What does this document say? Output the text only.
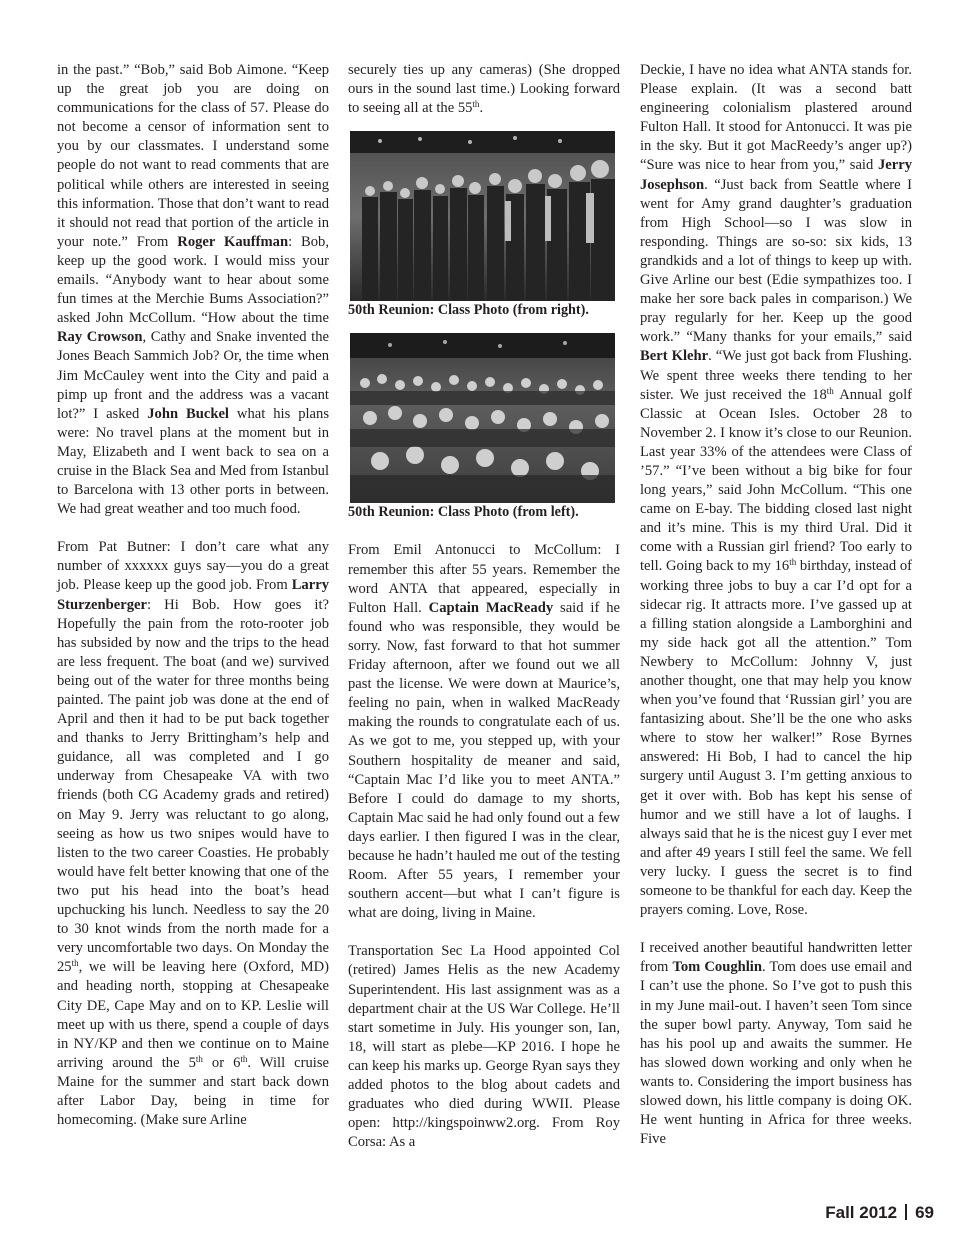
in the past.” “Bob,” said Bob Aimone. “Keep up the great job you are doing on communications for the class of 57. Please do not become a censor of information sent to you by our classmates. I understand some people do not want to read comments that are political while others are interested in seeing this information. Those that don’t want to read it should not read that portion of the article in your note.” From Roger Kauffman: Bob, keep up the good work. I would miss your emails. “Anybody want to hear about some fun times at the Merchie Bums Association?” asked John McCollum. “How about the time Ray Crowson, Cathy and Snake invented the Jones Beach Sammich Job? Or, the time when Jim McCauley went into the City and paid a pimp up front and the address was a vacant lot?” I asked John Buckel what his plans were: No travel plans at the moment but in May, Elizabeth and I went back to sea on a cruise in the Black Sea and Med from Istanbul to Barcelona with 13 other ports in between. We had great weather and too much food.

From Pat Butner: I don’t care what any number of xxxxxx guys say—you do a great job. Please keep up the good job. From Larry Sturzenberger: Hi Bob. How goes it? Hopefully the pain from the roto-rooter job has subsided by now and the trips to the head are less frequent. The boat (and we) survived being out of the water for three months being painted. The paint job was done at the end of April and then it had to be put back together and thanks to Jerry Brittingham’s help and guidance, all was completed and I go underway from Chesapeake VA with two friends (both CG Academy grads and retired) on May 9. Jerry was reluctant to go along, seeing as how us two snipes would have to listen to the two career Coasties. He probably would have felt better knowing that one of the two put his head into the boat’s head upchucking his lunch. Needless to say the 20 to 30 knot winds from the north made for a very uncomfortable two days. On Monday the 25th, we will be leaving here (Oxford, MD) and heading north, stopping at Chesapeake City DE, Cape May and on to KP. Leslie will meet up with us there, spend a couple of days in NY/KP and then we continue on to Maine arriving around the 5th or 6th. Will cruise Maine for the summer and start back down after Labor Day, being in time for homecoming. (Make sure Arline

securely ties up any cameras) (She dropped ours in the sound last time.) Looking forward to seeing all at the 55th.

50th Reunion: Class Photo (from right).

50th Reunion: Class Photo (from left).

From Emil Antonucci to McCollum: I remember this after 55 years. Remember the word ANTA that appeared, especially in Fulton Hall. Captain MacReady said if he found who was responsible, they would be sorry. Now, fast forward to that hot summer Friday afternoon, after we found out we all past the license. We were down at Maurice’s, feeling no pain, when in walked MacReady making the rounds to congratulate each of us. As we got to me, you stepped up, with your Southern hospitality de meaner and said, “Captain Mac I’d like you to meet ANTA.” Before I could do damage to my shorts, Captain Mac said he had only found out a few days earlier. I then figured I was in the clear, because he hadn’t hauled me out of the testing Room. After 55 years, I remember your southern accent—but what I can’t figure is what are doing, living in Maine.

Transportation Sec La Hood appointed Col (retired) James Helis as the new Academy Superintendent. His last assignment was as a department chair at the US War College. He’ll start sometime in July. His younger son, Ian, 18, will start as plebe—KP 2016. I hope he can keep his marks up. George Ryan says they added photos to the blog about cadets and graduates who died during WWII. Please open: http://kingspoinww2.org. From Roy Corsa: As a

Deckie, I have no idea what ANTA stands for. Please explain. (It was a second batt engineering colonialism plastered around Fulton Hall. It stood for Antonucci. It was pie in the sky. But it got MacReedy’s anger up?) “Sure was nice to hear from you,” said Jerry Josephson. “Just back from Seattle where I went for Amy grand daughter’s graduation from High School—so I was slow in responding. Things are so-so: six kids, 13 grandkids and a lot of things to keep up with. Give Arline our best (Edie sympathizes too. I make her sore back pales in comparison.) We pray regularly for her. Keep up the good work.” “Many thanks for your emails,” said Bert Klehr. “We just got back from Flushing. We spent three weeks there tending to her sister. We just received the 18th Annual golf Classic at Ocean Isles. October 28 to November 2. I know it’s close to our Reunion. Last year 33% of the attendees were Class of ’57.” “I’ve been without a big bike for four long years,” said John McCollum. “This one came on E-bay. The bidding closed last night and it’s mine. This is my third Ural. Did it come with a Russian girl friend? Too early to tell. Going back to my 16th birthday, instead of working three jobs to buy a car I’d opt for a sidecar rig. It attracts more. I’ve gassed up at a filling station alongside a Lamborghini and my side hack got all the attention.” Tom Newbery to McCollum: Johnny V, just another thought, one that may help you know when you’ve found that ‘Russian girl’ you are fantasizing about. She’ll be the one who asks where to stow her walker!” Rose Byrnes answered: Hi Bob, I had to cancel the hip surgery until August 3. I’m getting anxious to get it over with. Bob has kept his sense of humor and we still have a lot of laughs. I always said that he is the nicest guy I ever met and after 49 years I still feel the same. We fell very lucky. I guess the secret is to find someone to be thankful for each day. Keep the prayers coming. Love, Rose.

I received another beautiful handwritten letter from Tom Coughlin. Tom does use email and I can’t use the phone. So I’ve got to push this in my June mail-out. I haven’t seen Tom since the super bowl party. Anyway, Tom said he has his pool up and awaits the summer. He has slowed down working and only when he wants to. Considering the import business has slowed down, his little company is doing OK. He went hunting in Africa for three weeks. Five

Fall 2012 69
